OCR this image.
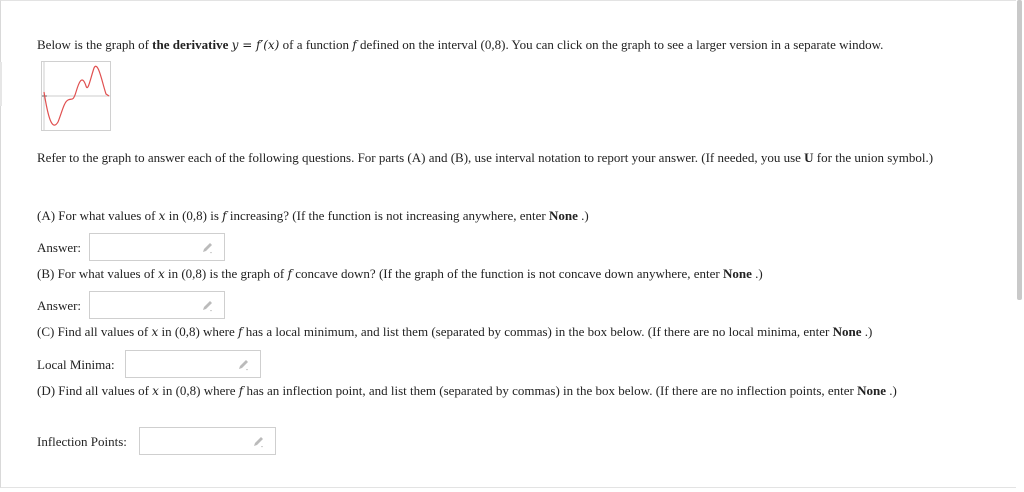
Below is the graph of the derivative y = f′(x) of a function f defined on the interval (0,8). You can click on the graph to see a larger version in a separate window.
Refer to the graph to answer each of the following questions. For parts (A) and (B), use interval notation to report your answer. (If needed, you use U for the union symbol.)
(A) For what values of x in (0,8) is f increasing? (If the function is not increasing anywhere, enter None .)
Answer:
(B) For what values of x in (0,8) is the graph of f concave down? (If the graph of the function is not concave down anywhere, enter None .)
Answer:
(C) Find all values of x in (0,8) where f has a local minimum, and list them (separated by commas) in the box below. (If there are no local minima, enter None .)
Local Minima:
(D) Find all values of x in (0,8) where f has an inflection point, and list them (separated by commas) in the box below. (If there are no inflection points, enter None .)
Inflection Points:
